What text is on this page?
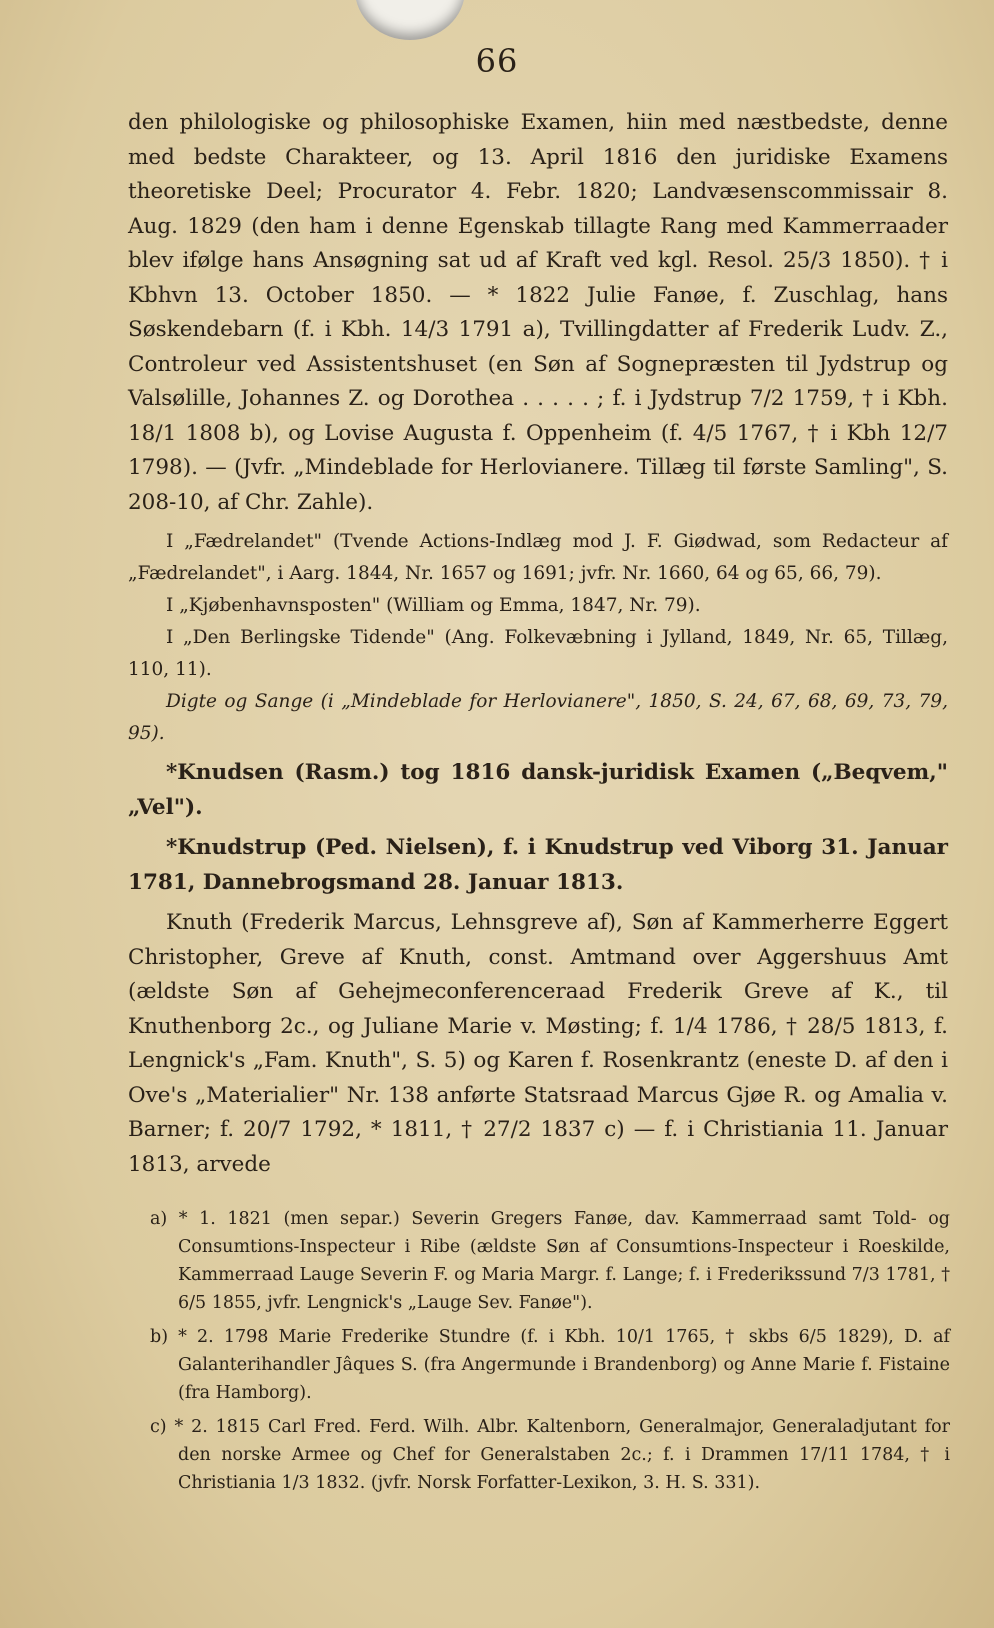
66

den philologiske og philosophiske Examen, hiin med næstbedste, denne med bedste Charakteer, og 13. April 1816 den juridiske Examens theoretiske Deel; Procurator 4. Febr. 1820; Landvæsenscommissair 8. Aug. 1829 (den ham i denne Egenskab tillagte Rang med Kammerraader blev ifølge hans Ansøgning sat ud af Kraft ved kgl. Resol. 25/3 1850). † i Kbhvn 13. October 1850. — * 1822 Julie Fanøe, f. Zuschlag, hans Søskendebarn (f. i Kbh. 14/3 1791 a), Tvillingdatter af Frederik Ludv. Z., Controleur ved Assistentshuset (en Søn af Sognepræsten til Jydstrup og Valsølille, Johannes Z. og Dorothea . . . . . ; f. i Jydstrup 7/2 1759, † i Kbh. 18/1 1808 b), og Lovise Augusta f. Oppenheim (f. 4/5 1767, † i Kbh 12/7 1798). — (Jvfr. „Mindeblade for Herlovianere. Tillæg til første Samling", S. 208-10, af Chr. Zahle).

I „Fædrelandet" (Tvende Actions-Indlæg mod J. F. Giødwad, som Redacteur af „Fædrelandet", i Aarg. 1844, Nr. 1657 og 1691; jvfr. Nr. 1660, 64 og 65, 66, 79).

I „Kjøbenhavnsposten" (William og Emma, 1847, Nr. 79).

I „Den Berlingske Tidende" (Ang. Folkevæbning i Jylland, 1849, Nr. 65, Tillæg, 110, 11).

Digte og Sange (i „Mindeblade for Herlovianere", 1850, S. 24, 67, 68, 69, 73, 79, 95).

*Knudsen (Rasm.) tog 1816 dansk-juridisk Examen („Beqvem," „Vel").

*Knudstrup (Ped. Nielsen), f. i Knudstrup ved Viborg 31. Januar 1781, Dannebrogsmand 28. Januar 1813.

Knuth (Frederik Marcus, Lehnsgreve af), Søn af Kammerherre Eggert Christopher, Greve af Knuth, const. Amtmand over Aggershuus Amt (ældste Søn af Gehejmeconferenceraad Frederik Greve af K., til Knuthenborg 2c., og Juliane Marie v. Møsting; f. 1/4 1786, † 28/5 1813, f. Lengnick's „Fam. Knuth", S. 5) og Karen f. Rosenkrantz (eneste D. af den i Ove's „Materialier" Nr. 138 anførte Statsraad Marcus Gjøe R. og Amalia v. Barner; f. 20/7 1792, * 1811, † 27/2 1837 c) — f. i Christiania 11. Januar 1813, arvede

a) * 1. 1821 (men separ.) Severin Gregers Fanøe, dav. Kammerraad samt Told- og Consumtions-Inspecteur i Ribe (ældste Søn af Consumtions-Inspecteur i Roeskilde, Kammerraad Lauge Severin F. og Maria Margr. f. Lange; f. i Frederikssund 7/3 1781, † 6/5 1855, jvfr. Lengnick's „Lauge Sev. Fanøe").

b) * 2. 1798 Marie Frederike Stundre (f. i Kbh. 10/1 1765, † skbs 6/5 1829), D. af Galanterihandler Jâques S. (fra Angermunde i Brandenborg) og Anne Marie f. Fistaine (fra Hamborg).

c) * 2. 1815 Carl Fred. Ferd. Wilh. Albr. Kaltenborn, Generalmajor, Generaladjutant for den norske Armee og Chef for Generalstaben 2c.; f. i Drammen 17/11 1784, † i Christiania 1/3 1832. (jvfr. Norsk Forfatter-Lexikon, 3. H. S. 331).
